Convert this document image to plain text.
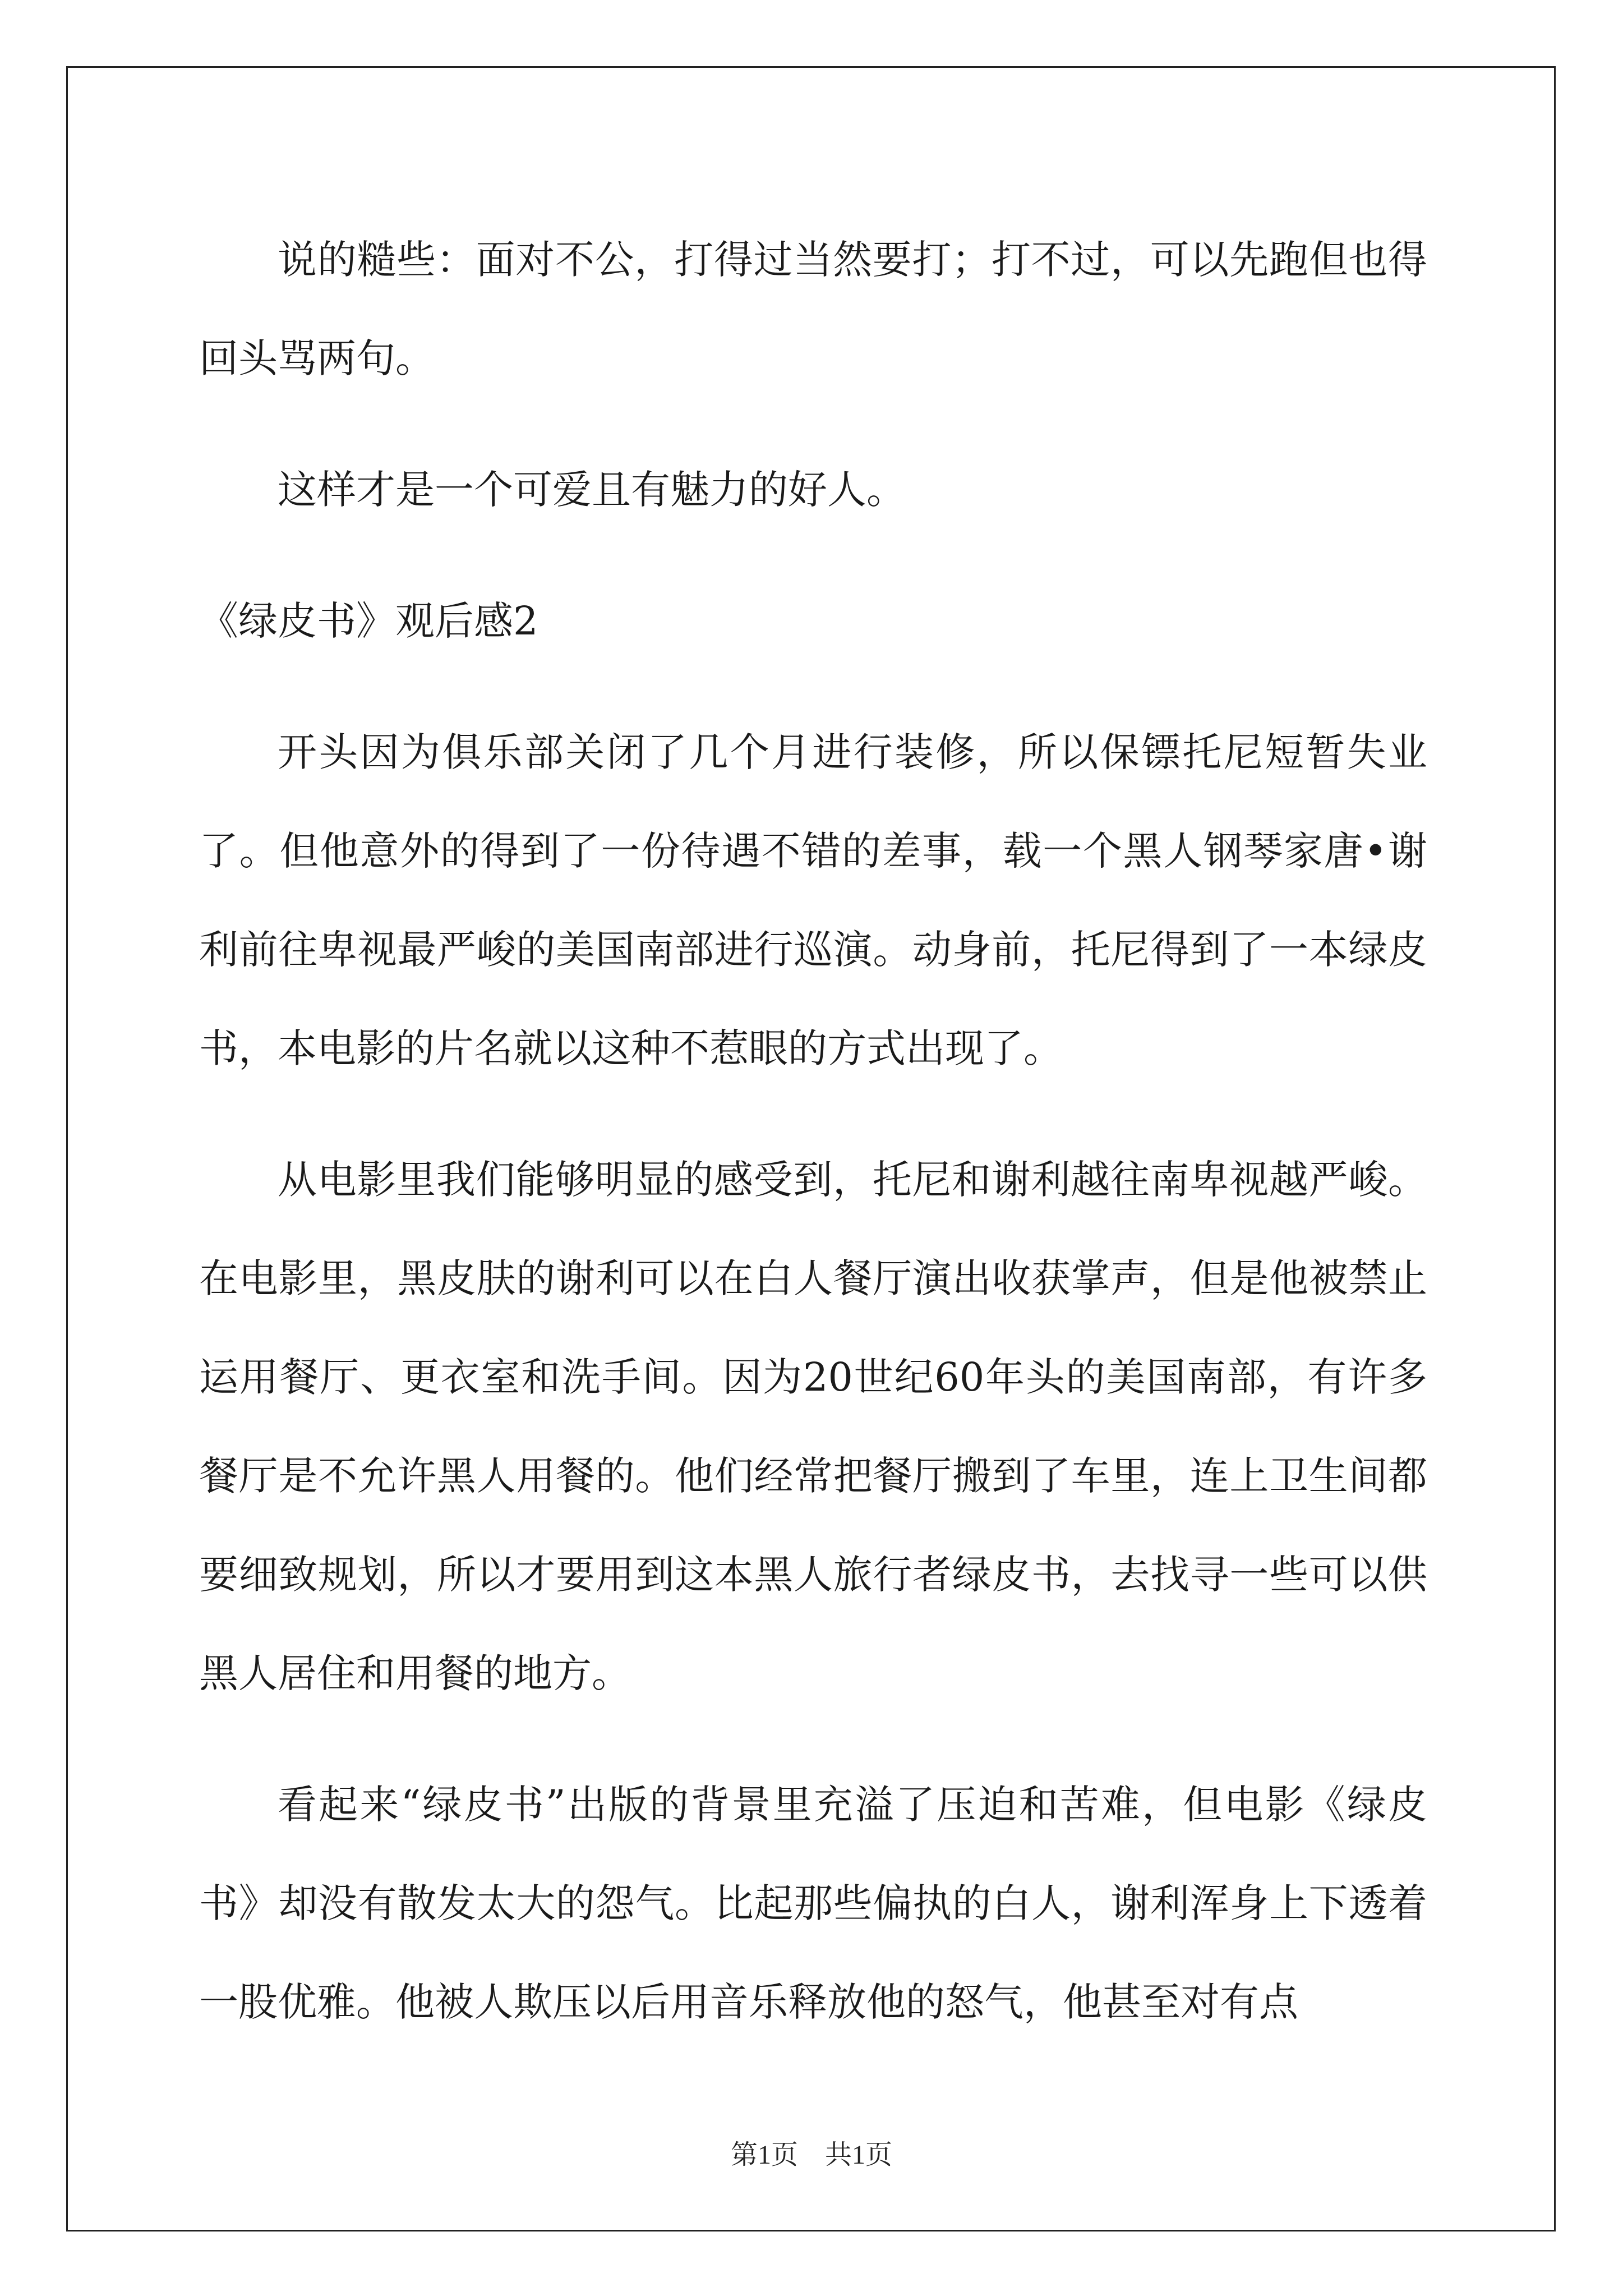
说的糙些：面对不公，打得过当然要打；打不过，可以先跑但也得回头骂两句。

这样才是一个可爱且有魅力的好人。

《绿皮书》观后感2

开头因为俱乐部关闭了几个月进行装修，所以保镖托尼短暂失业了。但他意外的得到了一份待遇不错的差事，载一个黑人钢琴家唐•谢利前往卑视最严峻的美国南部进行巡演。动身前，托尼得到了一本绿皮书，本电影的片名就以这种不惹眼的方式出现了。

从电影里我们能够明显的感受到，托尼和谢利越往南卑视越严峻。在电影里，黑皮肤的谢利可以在白人餐厅演出收获掌声，但是他被禁止运用餐厅、更衣室和洗手间。因为20世纪60年头的美国南部，有许多餐厅是不允许黑人用餐的。他们经常把餐厅搬到了车里，连上卫生间都要细致规划，所以才要用到这本黑人旅行者绿皮书，去找寻一些可以供黑人居住和用餐的地方。

看起来“绿皮书”出版的背景里充溢了压迫和苦难，但电影《绿皮书》却没有散发太大的怨气。比起那些偏执的白人，谢利浑身上下透着一股优雅。他被人欺压以后用音乐释放他的怒气，他甚至对有点

第1页　共1页
